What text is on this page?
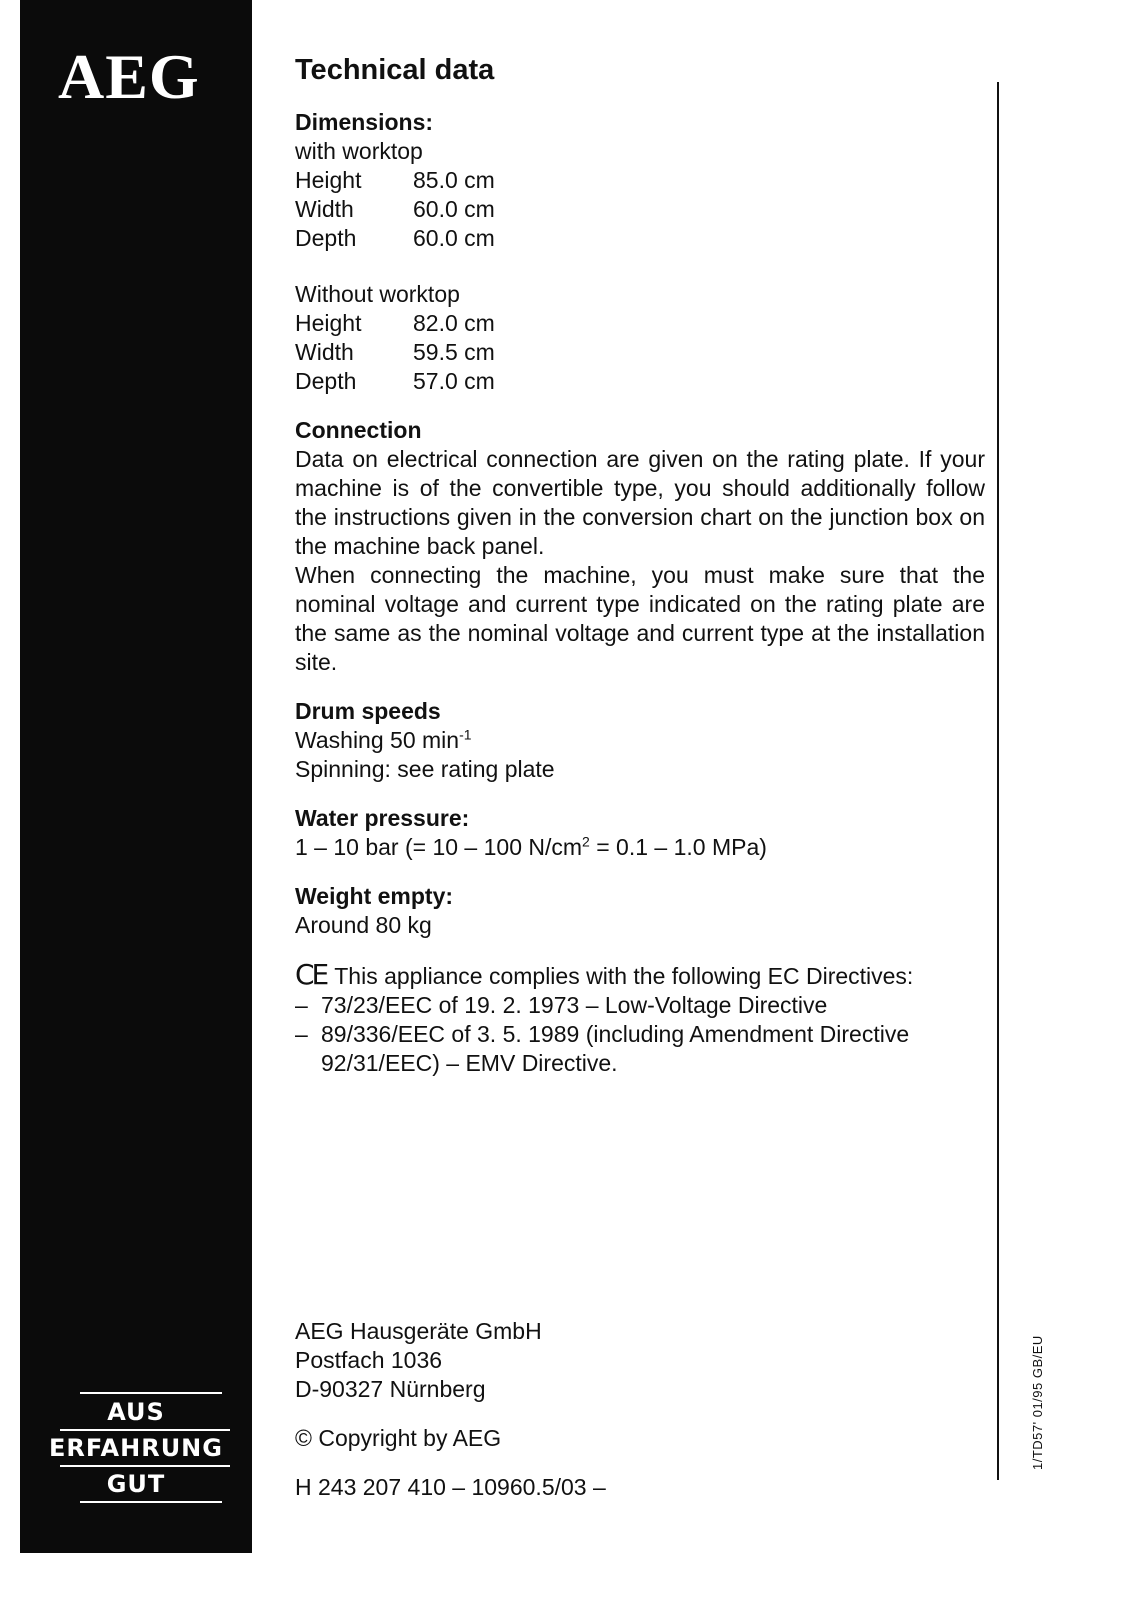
AEG
AUS
ERFAHRUNG
GUT
Technical data

Dimensions:

with worktop

Height	85.0 cm
Width	60.0 cm
Depth	60.0 cm

Without worktop

Height	82.0 cm
Width	59.5 cm
Depth	57.0 cm

Connection

Data on electrical connection are given on the rating plate. If your machine is of the convertible type, you should additionally follow the instructions given in the conversion chart on the junction box on the machine back panel.

When connecting the machine, you must make sure that the nominal voltage and current type indicated on the rating plate are the same as the nominal voltage and current type at the installation site.

Drum speeds

Washing 50 $\min^{-1}$

Spinning: see rating plate

Water pressure:

1 – 10 bar (= 10 – 100 $N/cm^2 = 0.1 - 1.0$ MPa)

Weight empty:

Around 80 kg

CE This appliance complies with the following EC Directives:

– 73/23/EEC of 19. 2. 1973 – Low-Voltage Directive
– 89/336/EEC of 3. 5. 1989 (including Amendment Directive 92/31/EEC) – EMV Directive.

AEG Hausgeräte GmbH

Postfach 1036

D-90327 Nürnberg

© Copyright by AEG

H 243 207 410 – 10960.5/03 –

1/TD57' 01/95 GB/EU
